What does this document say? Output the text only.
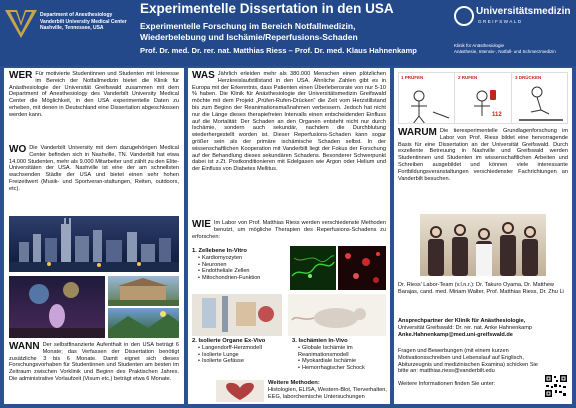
Department of Anesthesiology
Vanderbilt University Medical Center
Nashville, Tennessee, USA
Experimentelle Dissertation in den USA
Experimentelle Forschung im Bereich Notfallmedizin,
Wiederbelebung und Ischämie/Reperfusions-Schaden
Prof. Dr. med. Dr. rer. nat. Matthias Riess – Prof. Dr. med. Klaus Hahnenkamp
Universitätsmedizin
GREIFSWALD
Klinik für Anästhesiologie
Anästhesie, Intensiv-, Notfall- und Schmerzmedizin
WER Für motivierte Studentinnen und Studenten mit Interesse im Bereich der Notfallmedizin bietet die Klinik für Anästhesiologie der Universität Greifswald zusammen mit dem Department of Anesthesiology des Vanderbilt University Medical Center die Möglichkeit, in den USA experimentelle Daten zu erheben, mit denen in Deutschland eine Dissertation abgeschlossen werden kann.
WO Die Vanderbilt University mit dem dazugehörigen Medical Center befinden sich in Nashville, TN. Vanderbilt hat etwa 14.000 Studenten, mehr als 9.000 Mitarbeiter und zählt zu den Elite-Universitäten der USA. Nashville ist eine der am schnellsten wachsenden Städte der USA und bietet einen sehr hohen Freizeitwert (Musik- und Sportveran-staltungen, Reiten, outdoors, etc).
WANN Der selbstfinanzierte Aufenthalt in den USA beträgt 6 Monate; das Verfassen der Dissertation benötigt zusätzliche 3 bis 6 Monate. Damit eignet sich dieses Forschungsvorhaben für Studentinnen und Studenten am besten im Zeitraum zwischen Vorklinik und Beginn des Praktischen Jahres. Die administrative Vorlaufzeit (Visum etc.) beträgt etwa 6 Monate.
WAS Jährlich erleiden mehr als 380.000 Menschen einen plötzlichen Herzkreislaufstillstand in den USA. Ähnliche Zahlen gibt es in Europa mit der Erkenntnis, dass Patienten einen Überlebensrate von nur 5-10 % haben. Die Klinik für Anästhesiologie der Universitätsmedizin Greifswald möchte mit dem Projekt „Prüfen-Rufen-Drücken“ die Zeit vom Herzstillstand bis zum Beginn der Reanimationsmaßnahmen verbessern. Jedoch hat nicht nur die Länge dieses therapiefreien Intervalls einen entscheidenden Einfluss auf die Mortalität: Der Schaden an den Organen entsteht nicht nur durch Ischämie, sondern auch sekundär, nachdem die Durchblutung wiederhergestellt worden ist. Dieser Reperfusions-Schaden kann sogar größer sein als der primäre ischämische Schaden selbst. In der wissenschaftlichen Kooperation mit Vanderbilt liegt der Fokus der Forschung auf der Behandlung dieses sekundären Schadens. Besonderer Schwerpunkt dabei ist z.Zt. Postkonditionieren mit Edelgasen wie Argon oder Helium und der Einfluss von Diabetes Mellitus.
WIE Im Labor von Prof. Matthias Riess werden verschiedenste Methoden benutzt, um mögliche Therapien des Reperfusions-Schadens zu erforschen:
1. Zellebene In-Vitro
• Kardiomyozyten
• Neuronen
• Endotheliale Zellen
• Mitochondrien-Funktion
2. Isolierte Organe Ex-Vivo
• Langendorff-Herzmodell
• Isolierte Lunge
• Isolierte Gefässe
3. Ischämien In-Vivo
• Globale Ischämie im Reanimationsmodell
• Myokardiale Ischämie
• Hemorrhagischer Schock
Weitere Methoden:
Histologien, ELISA, Western-Blot, Tierverhalten, EEG, laborchemische Untersuchungen
1 PRÜFEN	2 RUFEN
112
3 DRÜCKEN
WARUM Die tierexperimentelle Grundlagenforschung im Labor von Prof. Riess bildet eine hervorragende Basis für eine Dissertation an der Universität Greifswald. Durch exzellente Betreuung in Nashville und Greifswald werden Studentinnen und Studenten im wissenschaftlichen Arbeiten und Schreiben ausgebildet und können viele interessante Fortbildungsveranstaltungen verschiedenster Fachrichtungen an Vanderbilt besuchen.
Dr. Riess' Labor-Team (v.l.n.r.): Dr. Takuro Oyama, Dr. Matthew Barajas, cand. med. Miriam Walter, Prof. Matthias Riess, Dr. Zhu Li
Ansprechpartner der Klinik für Anästhesiologie,
Universität Greifswald: Dr. rer. nat. Anke Hahnenkamp
Anke.Hahnenkamp@med.uni-greifswald.de
Fragen und Bewerbungen (mit einem kurzen Motivationsschreiben und Lebenslauf auf Englisch, Abiturzeugnis und medizinischen Examina) schicken Sie bitte an: matthias.riess@vanderbilt.edu
Weitere Informationen finden Sie unter:
